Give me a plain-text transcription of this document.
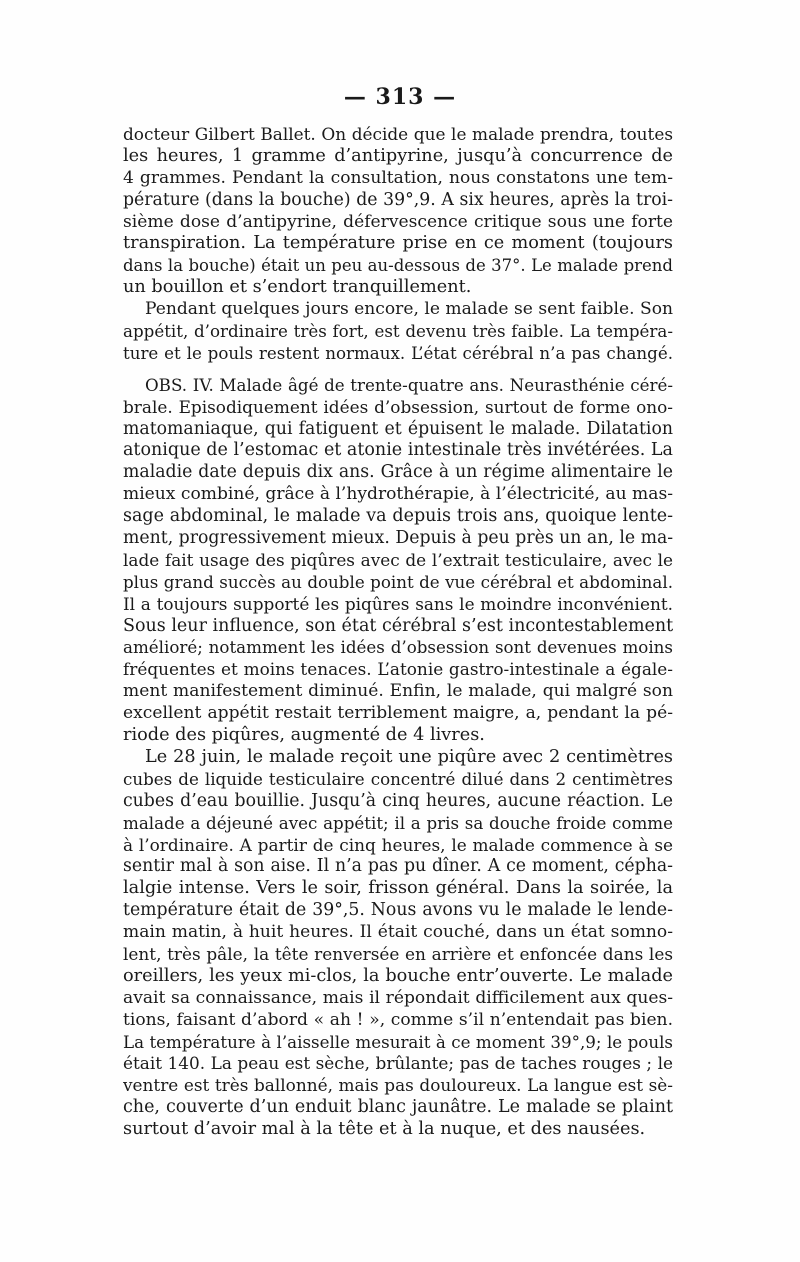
— 313 —
docteur Gilbert Ballet. On décide que le malade prendra, toutes
les heures, 1 gramme d’antipyrine, jusqu’à concurrence de
4 grammes. Pendant la consultation, nous constatons une tem-
pérature (dans la bouche) de 39°,9. A six heures, après la troi-
sième dose d’antipyrine, défervescence critique sous une forte
transpiration. La température prise en ce moment (toujours
dans la bouche) était un peu au-dessous de 37°. Le malade prend
un bouillon et s’endort tranquillement.
Pendant quelques jours encore, le malade se sent faible. Son
appétit, d’ordinaire très fort, est devenu très faible. La tempéra-
ture et le pouls restent normaux. L’état cérébral n’a pas changé.
OBS. IV. Malade âgé de trente-quatre ans. Neurasthénie céré-
brale. Episodiquement idées d’obsession, surtout de forme ono-
matomaniaque, qui fatiguent et épuisent le malade. Dilatation
atonique de l’estomac et atonie intestinale très invétérées. La
maladie date depuis dix ans. Grâce à un régime alimentaire le
mieux combiné, grâce à l’hydrothérapie, à l’électricité, au mas-
sage abdominal, le malade va depuis trois ans, quoique lente-
ment, progressivement mieux. Depuis à peu près un an, le ma-
lade fait usage des piqûres avec de l’extrait testiculaire, avec le
plus grand succès au double point de vue cérébral et abdominal.
Il a toujours supporté les piqûres sans le moindre inconvénient.
Sous leur influence, son état cérébral s’est incontestablement
amélioré; notamment les idées d’obsession sont devenues moins
fréquentes et moins tenaces. L’atonie gastro-intestinale a égale-
ment manifestement diminué. Enfin, le malade, qui malgré son
excellent appétit restait terriblement maigre, a, pendant la pé-
riode des piqûres, augmenté de 4 livres.
Le 28 juin, le malade reçoit une piqûre avec 2 centimètres
cubes de liquide testiculaire concentré dilué dans 2 centimètres
cubes d’eau bouillie. Jusqu’à cinq heures, aucune réaction. Le
malade a déjeuné avec appétit; il a pris sa douche froide comme
à l’ordinaire. A partir de cinq heures, le malade commence à se
sentir mal à son aise. Il n’a pas pu dîner. A ce moment, cépha-
lalgie intense. Vers le soir, frisson général. Dans la soirée, la
température était de 39°,5. Nous avons vu le malade le lende-
main matin, à huit heures. Il était couché, dans un état somno-
lent, très pâle, la tête renversée en arrière et enfoncée dans les
oreillers, les yeux mi-clos, la bouche entr’ouverte. Le malade
avait sa connaissance, mais il répondait difficilement aux ques-
tions, faisant d’abord « ah ! », comme s’il n’entendait pas bien.
La température à l’aisselle mesurait à ce moment 39°,9; le pouls
était 140. La peau est sèche, brûlante; pas de taches rouges ; le
ventre est très ballonné, mais pas douloureux. La langue est sè-
che, couverte d’un enduit blanc jaunâtre. Le malade se plaint
surtout d’avoir mal à la tête et à la nuque, et des nausées.
